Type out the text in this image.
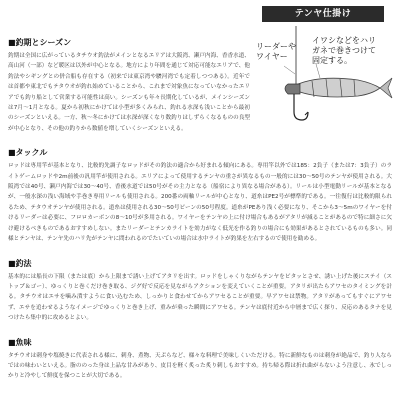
テンヤ仕掛け
リーダーや
ワイヤー
イワシなどをハリ
ガネで巻きつけて
固定する。
■釣期とシーズン

釣期は全国に広がっているタチウオ釣法がメインとなるエリアは大阪湾、瀬戸内海、香香水道、高山河（一部）など暖区は以外が中心となる。地方により年間を通じて対応可能なエリアで、他釣法やシギングとの併合船も存在する（初来では東京湾や駿河湾でも定着しつつある）。近年では首都や東北でもテタウオが釣れ始めていることから、これまで対象魚になっていなかったエリアでも釣り船として営業する可能性は高い。シーズンも年々長期化しているが、メインシーズンは7月～1月となる。夏から初秋にかけては小型が多くみられ、釣れる水深も浅いことから最初のシーズンといえる。一方、秋～冬にかけては水深が深くなり数釣りはしずらくなるものの良型が中心となり、その他の釣りから数値を増していくシーズンといえる。

■タックル

ロッドは専用竿が基本となり、比較的先調子なロッドがその釣法の適合から好まれる傾向にある。専用竿以外では185：2負子（または7：3負子）のライトゲームロッドや2m前後の汎用竿が使用される。エリアによって使用するテンヤの重さが異なるもの一般的には30～50号のテンヤが使用される。大阪湾では40号、瀬戸内海では30～40号、香後水道では50号がその主力となる（船宿により異なる場合がある）。リールは小型電動リールが基本となるが、一般水深の浅い海域や手巻き専用リールも使用される。200番の両軸リールが中心となり、道糸はPE2号が標準的である。一往復行は比較的限られるため、テタウオテンヤが使用される。道糸は使用される30～50号ピーンの50号程度。道糸がPEあり浅く必要になり、そこから3～5mのワイヤーを付けるリーダーは必要に、フロロカーボンの8～10号が多用される。ワイヤーをテンヤの上に付け場合もあるがアタリが減ることがあるので特に細さに欠け避けるべきものであるおすすめしない。またリーダーとテンカライトを効力がなく低光を作る釣りの場合にも効果があるとされているものも多い。同様とテンヤは、テンヤ先のハリ先がテンヤに問われるのでたいていの場合は水中ライトが釣果を左右するので使用を勧める。

■釣法

基本的には船長の下限（または底）から上限まで誘い上げてアタリを出す。ロッドをしゃくりながらテンヤをピタッとさせ、誘い上げた後にステイ（ストップ＆ゴー）、ゆっくりと巻くだけ巻き取る、ジグ好で反応を見ながらアクションを変えていくことが重要。アタリが出たらアワセのタイミングを計る。タチウオはエサを噛み潰すように食い込むため、しっかりと食わせてからアワセることが重要。早アワセは禁物。アタリがあってもすぐにアワセず、エサを追わせるようなイメージでゆっくりと巻き上げ、重みが乗った瞬間にアワセる。テンヤは底付近から中層まで広く探り、反応のあるタナを見つけたら集中的に攻めるとよい。

■魚味

タチウオは刺身や塩焼きに代表される様に、刺身、煮物、天ぷらなど、様々な料理で美味しくいただける。特に新鮮なものは刺身が絶品で、釣り人ならではの味わいといえる。脂ののった身は上品な甘みがあり、皮目を軽く炙った炙り刺しもおすすめ。持ち帰る際は折れ曲がらないよう注意し、氷でしっかりと冷やして鮮度を保つことが大切である。
